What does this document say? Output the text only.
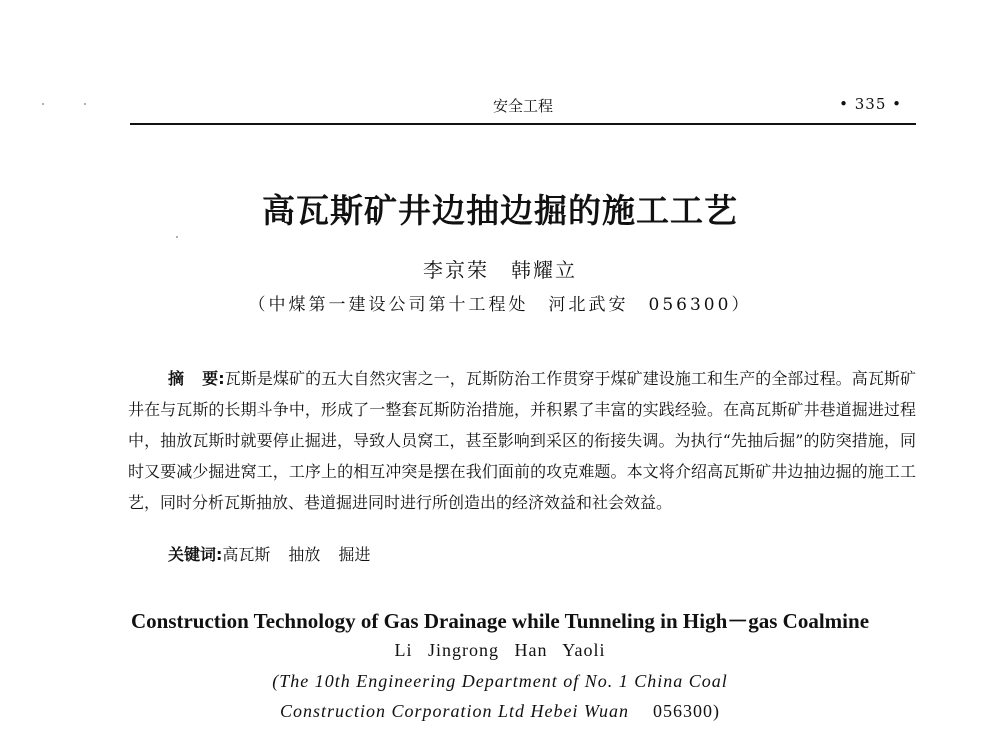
安全工程	• 335 •
高瓦斯矿井边抽边掘的施工工艺
李京荣　韩耀立
（中煤第一建设公司第十工程处　河北武安　056300）
摘 要:瓦斯是煤矿的五大自然灾害之一，瓦斯防治工作贯穿于煤矿建设施工和生产的全部过程。高瓦斯矿井在与瓦斯的长期斗争中，形成了一整套瓦斯防治措施，并积累了丰富的实践经验。在高瓦斯矿井巷道掘进过程中，抽放瓦斯时就要停止掘进，导致人员窝工，甚至影响到采区的衔接失调。为执行“先抽后掘”的防突措施，同时又要减少掘进窝工，工序上的相互冲突是摆在我们面前的攻克难题。本文将介绍高瓦斯矿井边抽边掘的施工工艺，同时分析瓦斯抽放、巷道掘进同时进行所创造出的经济效益和社会效益。
关键词:高瓦斯 抽放 掘进
Construction Technology of Gas Drainage while Tunneling in High－gas Coalmine
Li Jingrong Han Yaoli
(The 10th Engineering Department of No. 1 China Coal
Construction Corporation Ltd Hebei Wuan 056300)
